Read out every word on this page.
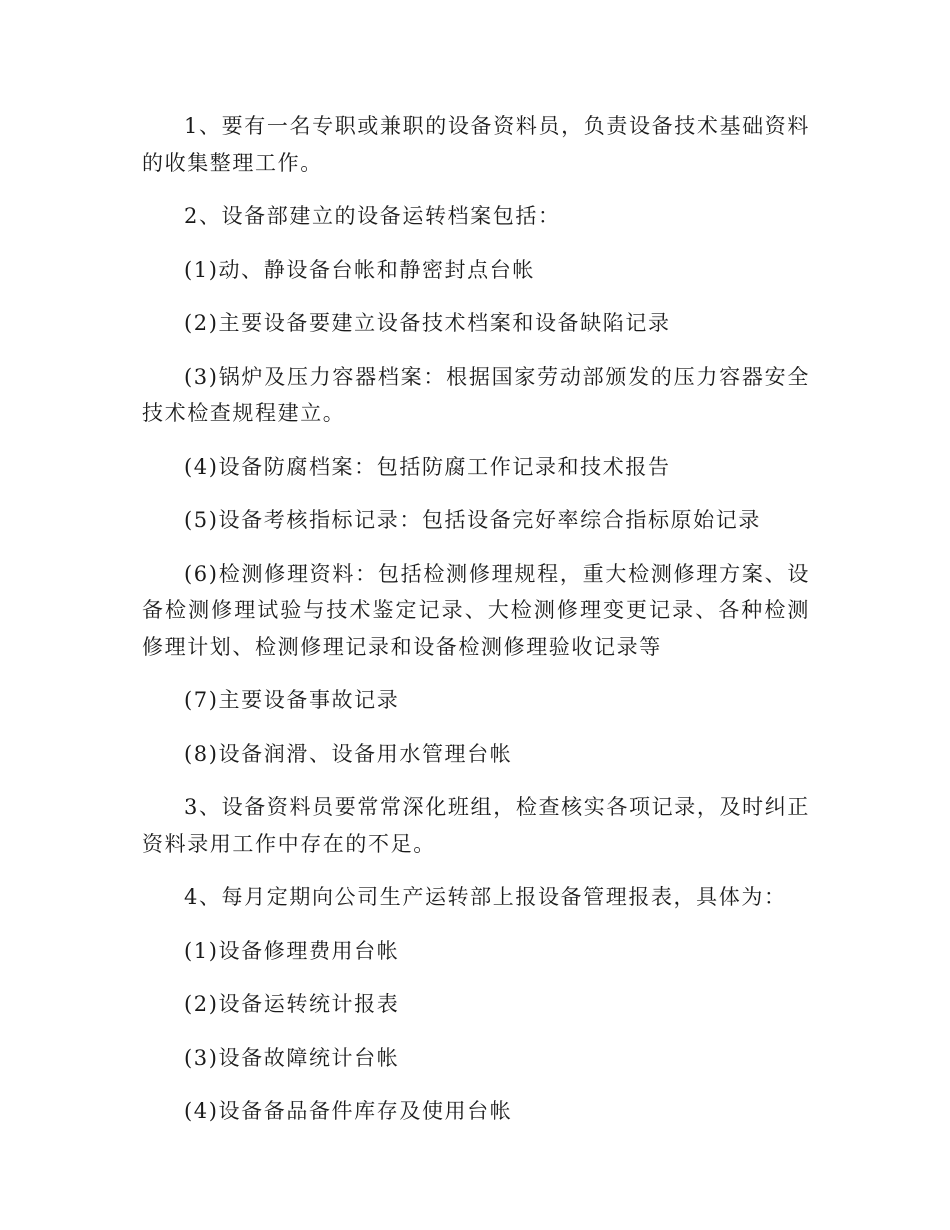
1、要有一名专职或兼职的设备资料员，负责设备技术基础资料的收集整理工作。

2、设备部建立的设备运转档案包括：

(1)动、静设备台帐和静密封点台帐

(2)主要设备要建立设备技术档案和设备缺陷记录

(3)锅炉及压力容器档案：根据国家劳动部颁发的压力容器安全技术检查规程建立。

(4)设备防腐档案：包括防腐工作记录和技术报告

(5)设备考核指标记录：包括设备完好率综合指标原始记录

(6)检测修理资料：包括检测修理规程，重大检测修理方案、设备检测修理试验与技术鉴定记录、大检测修理变更记录、各种检测修理计划、检测修理记录和设备检测修理验收记录等

(7)主要设备事故记录

(8)设备润滑、设备用水管理台帐

3、设备资料员要常常深化班组，检查核实各项记录，及时纠正资料录用工作中存在的不足。

4、每月定期向公司生产运转部上报设备管理报表，具体为：

(1)设备修理费用台帐

(2)设备运转统计报表

(3)设备故障统计台帐

(4)设备备品备件库存及使用台帐
